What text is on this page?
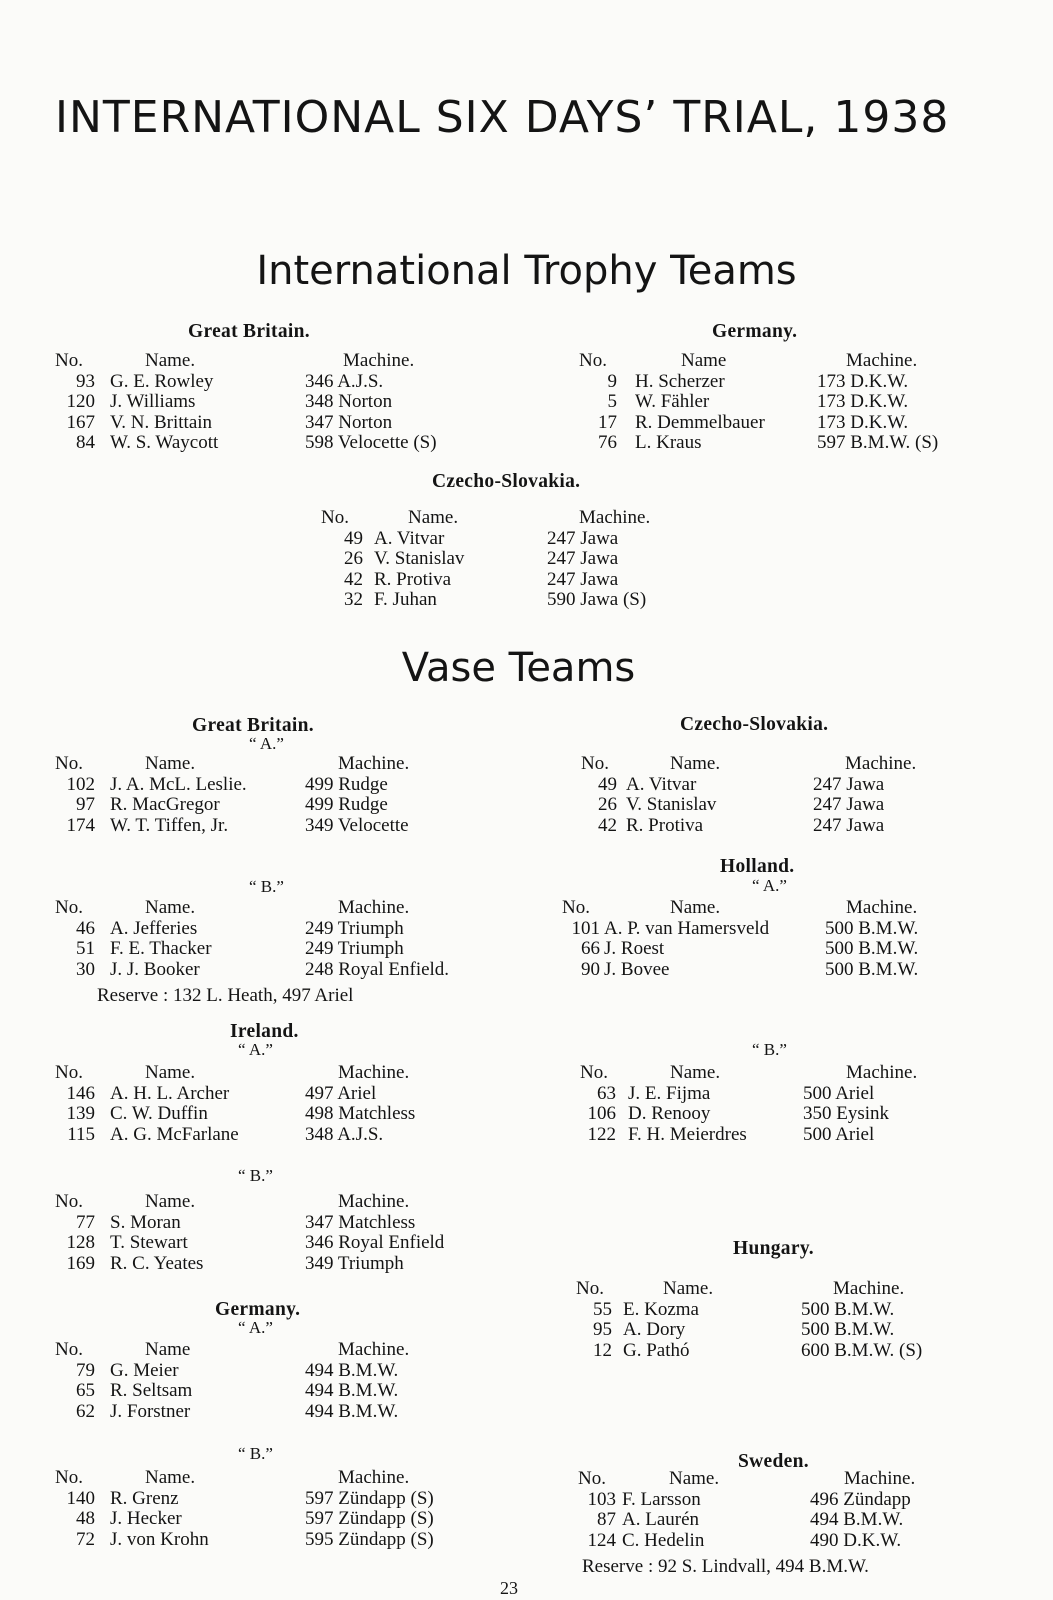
INTERNATIONAL SIX DAYS’ TRIAL, 1938
International Trophy Teams
Vase Teams
Great Britain.
No.	Name.	Machine.
93 G. E. Rowley	346 A.J.S.
120 J. Williams	348 Norton
167 V. N. Brittain	347 Norton
84 W. S. Waycott	598 Velocette (S)
Germany.
No.	Name	Machine.
9 H. Scherzer	173 D.K.W.
5 W. Fähler	173 D.K.W.
17 R. Demmelbauer	173 D.K.W.
76 L. Kraus	597 B.M.W. (S)
Czecho-Slovakia.
No.	Name.	Machine.
49 A. Vitvar	247 Jawa
26 V. Stanislav	247 Jawa
42 R. Protiva	247 Jawa
32 F. Juhan	590 Jawa (S)
Great Britain.
“ A.”
No.	Name.	Machine.
102 J. A. McL. Leslie.	499 Rudge
97 R. MacGregor	499 Rudge
174 W. T. Tiffen, Jr.	349 Velocette
“ B.”
No.	Name.	Machine.
46 A. Jefferies	249 Triumph
51 F. E. Thacker	249 Triumph
30 J. J. Booker	248 Royal Enfield.
Reserve : 132 L. Heath, 497 Ariel
Ireland.
“ A.”
No.	Name.	Machine.
146 A. H. L. Archer	497 Ariel
139 C. W. Duffin	498 Matchless
115 A. G. McFarlane	348 A.J.S.
“ B.”
No.	Name.	Machine.
77 S. Moran	347 Matchless
128 T. Stewart	346 Royal Enfield
169 R. C. Yeates	349 Triumph
Germany.
“ A.”
No.	Name	Machine.
79 G. Meier	494 B.M.W.
65 R. Seltsam	494 B.M.W.
62 J. Forstner	494 B.M.W.
“ B.”
No.	Name.	Machine.
140 R. Grenz	597 Zündapp (S)
48 J. Hecker	597 Zündapp (S)
72 J. von Krohn	595 Zündapp (S)
Czecho-Slovakia.
No.	Name.	Machine.
49 A. Vitvar	247 Jawa
26 V. Stanislav	247 Jawa
42 R. Protiva	247 Jawa
Holland.
“ A.”
No.	Name.	Machine.
101 A. P. van Hamersveld	500 B.M.W.
66 J. Roest	500 B.M.W.
90 J. Bovee	500 B.M.W.
“ B.”
No.	Name.	Machine.
63 J. E. Fijma	500 Ariel
106 D. Renooy	350 Eysink
122 F. H. Meierdres	500 Ariel
Hungary.
No.	Name.	Machine.
55 E. Kozma	500 B.M.W.
95 A. Dory	500 B.M.W.
12 G. Pathó	600 B.M.W. (S)
Sweden.
No.	Name.	Machine.
103 F. Larsson	496 Zündapp
87 A. Laurén	494 B.M.W.
124 C. Hedelin	490 D.K.W.
Reserve : 92 S. Lindvall, 494 B.M.W.
23
